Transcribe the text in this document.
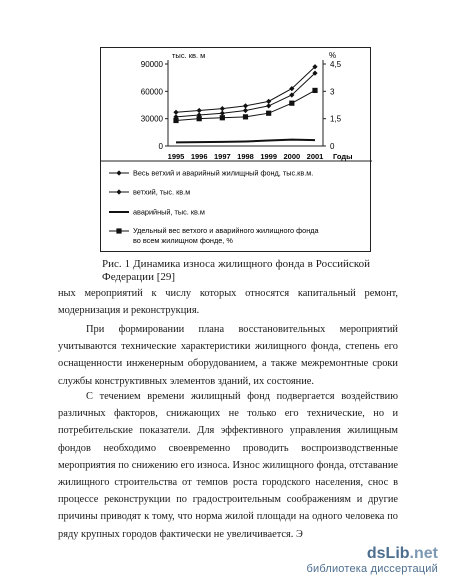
тыс. кв. м	%
90000
60000
30000
0
4,5
3
1,5
0
1995 1996 1997 1998 1999 2000 2001 Годы
Весь ветхий и аварийный жилищный фонд, тыс.кв.м.
ветхий, тыс. кв.м
аварийный, тыс. кв.м
Удельный вес ветхого и аварийного жилищного фонда
во всем жилищном фонде, %
Рис. 1 Динамика износа жилищного фонда в Российской Федерации [29]
ных мероприятий к числу которых относятся капитальный ремонт, модернизация и реконструкция.
При формировании плана восстановительных мероприятий учитываются технические характеристики жилищного фонда, степень его оснащенности инженерным оборудованием, а также межремонтные сроки службы конструктивных элементов зданий, их состояние.
С течением времени жилищный фонд подвергается воздействию различных факторов, снижающих не только его технические, но и потребительские показатели. Для эффективного управления жилищным фондов необходимо своевременно проводить воспроизводственные мероприятия по снижению его износа. Износ жилищного фонда, отставание жилищного строительства от темпов роста городского населения, снос в процессе реконструкции по градостроительным соображениям и другие причины приводят к тому, что норма жилой площади на одного человека по ряду крупных городов фактически не увеличивается. Э
dsLib.net
библиотека диссертаций
